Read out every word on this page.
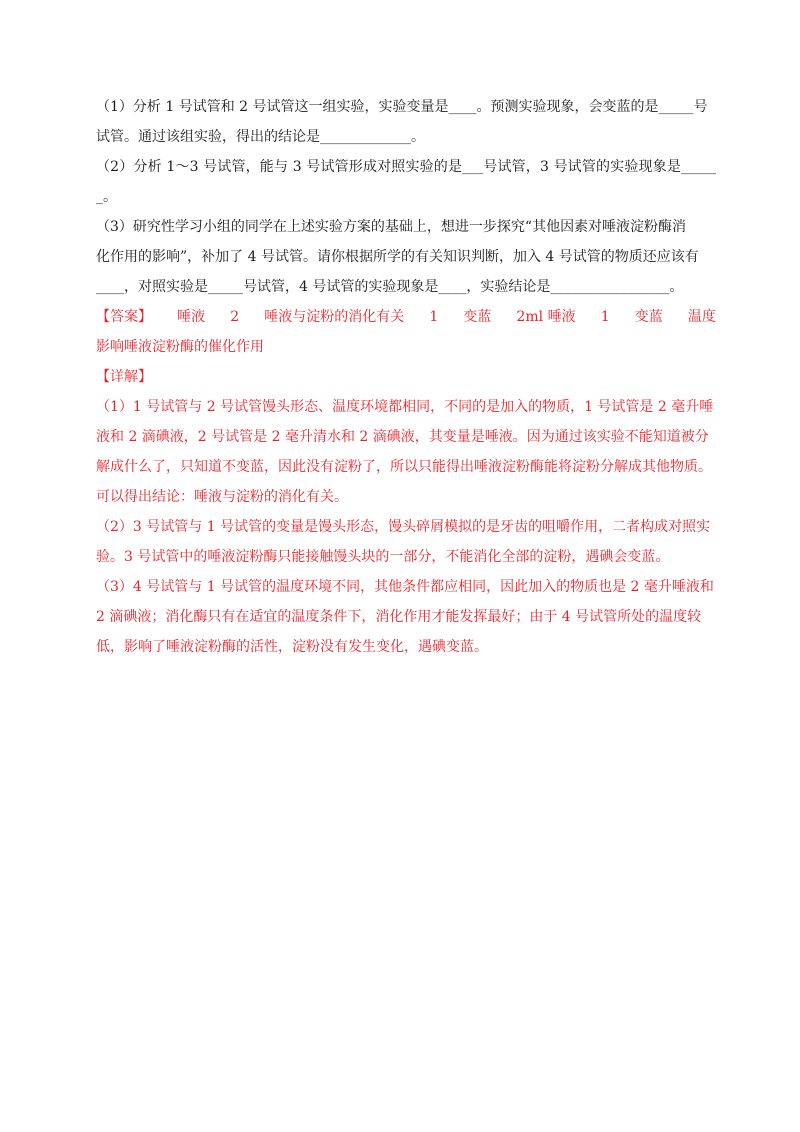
（1）分析 1 号试管和 2 号试管这一组实验，实验变量是____。预测实验现象，会变蓝的是_____号

试管。通过该组实验，得出的结论是_____________。

（2）分析 1～3 号试管，能与 3 号试管形成对照实验的是___号试管，3 号试管的实验现象是______。

（3）研究性学习小组的同学在上述实验方案的基础上，想进一步探究“其他因素对唾液淀粉酶消

化作用的影响”，补加了 4 号试管。请你根据所学的有关知识判断，加入 4 号试管的物质还应该有

____，对照实验是_____号试管，4 号试管的实验现象是____，实验结论是_________________。

【答案】 唾液 2 唾液与淀粉的消化有关 1 变蓝 2ml 唾液 1 变蓝 温度

影响唾液淀粉酶的催化作用

【详解】

（1）1 号试管与 2 号试管馒头形态、温度环境都相同，不同的是加入的物质，1 号试管是 2 毫升唾

液和 2 滴碘液，2 号试管是 2 毫升清水和 2 滴碘液，其变量是唾液。因为通过该实验不能知道被分

解成什么了，只知道不变蓝，因此没有淀粉了，所以只能得出唾液淀粉酶能将淀粉分解成其他物质。

可以得出结论：唾液与淀粉的消化有关。

（2）3 号试管与 1 号试管的变量是馒头形态，馒头碎屑模拟的是牙齿的咀嚼作用，二者构成对照实

验。3 号试管中的唾液淀粉酶只能接触馒头块的一部分，不能消化全部的淀粉，遇碘会变蓝。

（3）4 号试管与 1 号试管的温度环境不同，其他条件都应相同，因此加入的物质也是 2 毫升唾液和

2 滴碘液；消化酶只有在适宜的温度条件下，消化作用才能发挥最好；由于 4 号试管所处的温度较

低，影响了唾液淀粉酶的活性，淀粉没有发生变化，遇碘变蓝。
